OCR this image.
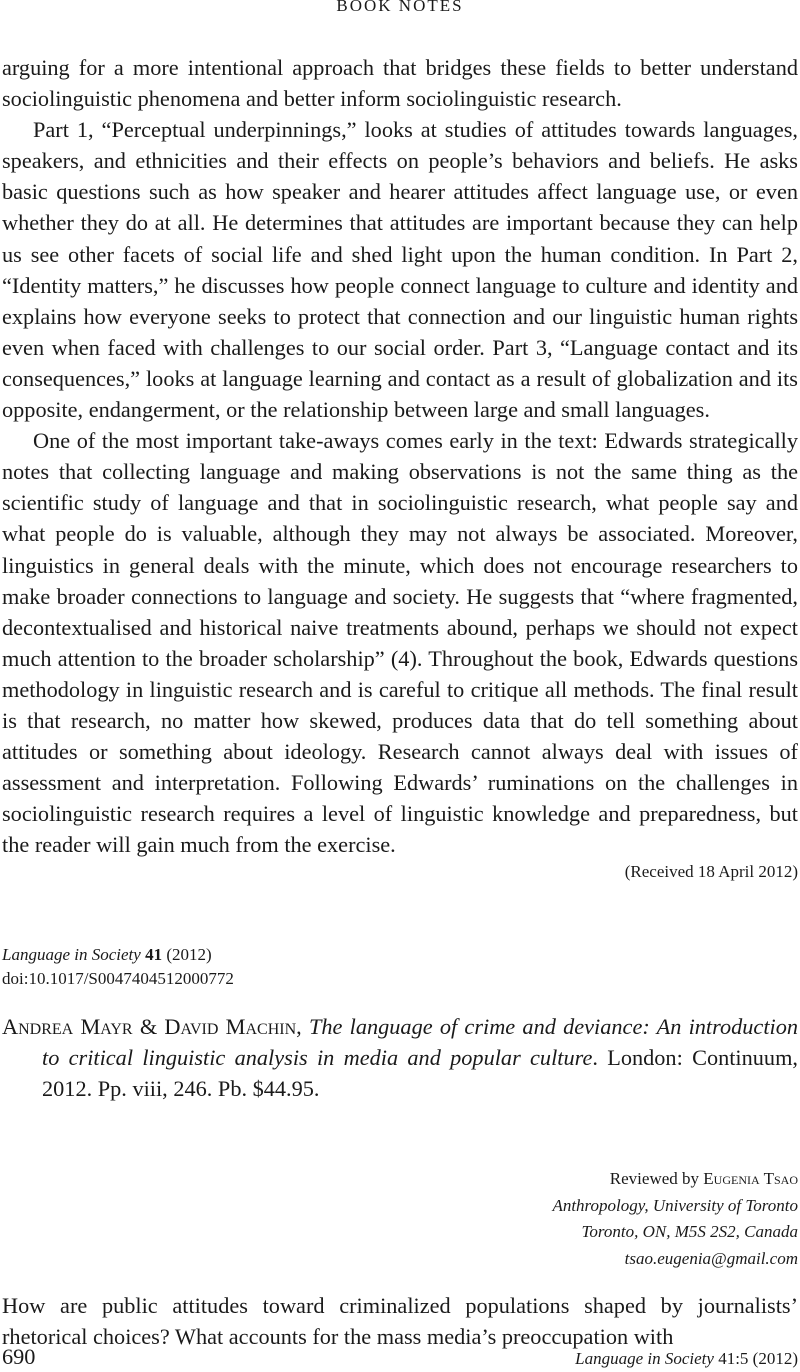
BOOK NOTES

arguing for a more intentional approach that bridges these fields to better understand sociolinguistic phenomena and better inform sociolinguistic research.

Part 1, “Perceptual underpinnings,” looks at studies of attitudes towards languages, speakers, and ethnicities and their effects on people’s behaviors and beliefs. He asks basic questions such as how speaker and hearer attitudes affect language use, or even whether they do at all. He determines that attitudes are important because they can help us see other facets of social life and shed light upon the human condition. In Part 2, “Identity matters,” he discusses how people connect language to culture and identity and explains how everyone seeks to protect that connection and our linguistic human rights even when faced with challenges to our social order. Part 3, “Language contact and its consequences,” looks at language learning and contact as a result of globalization and its opposite, endangerment, or the relationship between large and small languages.

One of the most important take-aways comes early in the text: Edwards strategically notes that collecting language and making observations is not the same thing as the scientific study of language and that in sociolinguistic research, what people say and what people do is valuable, although they may not always be associated. Moreover, linguistics in general deals with the minute, which does not encourage researchers to make broader connections to language and society. He suggests that “where fragmented, decontextualised and historical naive treatments abound, perhaps we should not expect much attention to the broader scholarship” (4). Throughout the book, Edwards questions methodology in linguistic research and is careful to critique all methods. The final result is that research, no matter how skewed, produces data that do tell something about attitudes or something about ideology. Research cannot always deal with issues of assessment and interpretation. Following Edwards’ ruminations on the challenges in sociolinguistic research requires a level of linguistic knowledge and preparedness, but the reader will gain much from the exercise.

(Received 18 April 2012)
Language in Society 41 (2012)
doi:10.1017/S0047404512000772
Andrea Mayr & David Machin, The language of crime and deviance: An introduction to critical linguistic analysis in media and popular culture. London: Continuum, 2012. Pp. viii, 246. Pb. $44.95.
Reviewed by Eugenia Tsao
Anthropology, University of Toronto
Toronto, ON, M5S 2S2, Canada
tsao.eugenia@gmail.com

How are public attitudes toward criminalized populations shaped by journalists’ rhetorical choices? What accounts for the mass media’s preoccupation with

690	Language in Society 41:5 (2012)
